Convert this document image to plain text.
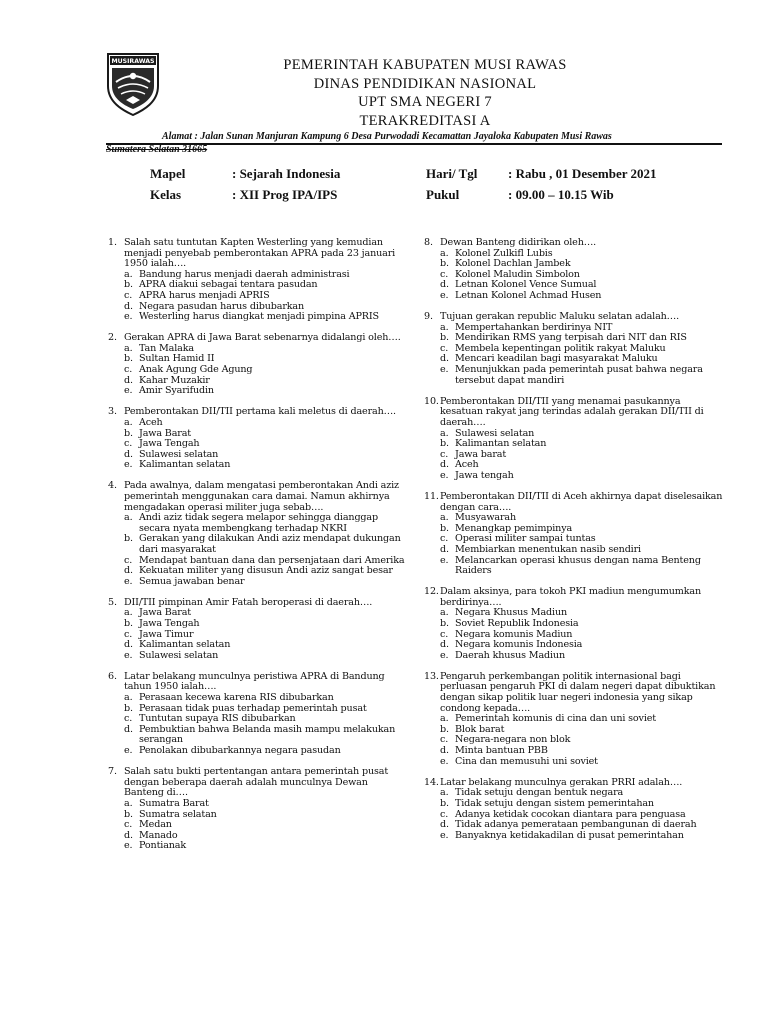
MUSIRAWAS	PEMERINTAH KABUPATEN MUSI RAWAS
DINAS PENDIDIKAN NASIONAL
UPT SMA NEGERI 7
TERAKREDITASI A
Alamat : Jalan Sunan Manjuran Kampung 6 Desa Purwodadi Kecamattan Jayaloka Kabupaten Musi Rawas
Sumatera Selatan 31665
Mapel	: Sejarah Indonesia
Kelas	: XII Prog IPA/IPS
Hari/ Tgl : Rabu , 01 Desember 2021
Pukul	: 09.00 – 10.15 Wib
1. Salah satu tuntutan Kapten Westerling yang kemudian menjadi penyebab pemberontakan APRA pada 23 januari 1950 ialah….
a. Bandung harus menjadi daerah administrasi
b. APRA diakui sebagai tentara pasudan
c. APRA harus menjadi APRIS
d. Negara pasudan harus dibubarkan
e. Westerling harus diangkat menjadi pimpina APRIS
2. Gerakan APRA di Jawa Barat sebenarnya didalangi oleh….
a. Tan Malaka
b. Sultan Hamid II
c. Anak Agung Gde Agung
d. Kahar Muzakir
e. Amir Syarifudin
3. Pemberontakan DII/TII pertama kali meletus di daerah….
a. Aceh
b. Jawa Barat
c. Jawa Tengah
d. Sulawesi selatan
e. Kalimantan selatan
4. Pada awalnya, dalam mengatasi pemberontakan Andi aziz pemerintah menggunakan cara damai. Namun akhirnya mengadakan operasi militer juga sebab….
a. Andi aziz tidak segera melapor sehingga dianggap secara nyata membengkang terhadap NKRI
b. Gerakan yang dilakukan Andi aziz mendapat dukungan dari masyarakat
c. Mendapat bantuan dana dan persenjataan dari Amerika
d. Kekuatan militer yang disusun Andi aziz sangat besar
e. Semua jawaban benar
5. DII/TII pimpinan Amir Fatah beroperasi di daerah….
a. Jawa Barat
b. Jawa Tengah
c. Jawa Timur
d. Kalimantan selatan
e. Sulawesi selatan
6. Latar belakang munculnya peristiwa APRA di Bandung tahun 1950 ialah….
a. Perasaan kecewa karena RIS dibubarkan
b. Perasaan tidak puas terhadap pemerintah pusat
c. Tuntutan supaya RIS dibubarkan
d. Pembuktian bahwa Belanda masih mampu melakukan serangan
e. Penolakan dibubarkannya negara pasudan
7. Salah satu bukti pertentangan antara pemerintah pusat dengan beberapa daerah adalah munculnya Dewan Banteng di….
a. Sumatra Barat
b. Sumatra selatan
c. Medan
d. Manado
e. Pontianak
8. Dewan Banteng didirikan oleh….
a. Kolonel Zulkifl Lubis
b. Kolonel Dachlan Jambek
c. Kolonel Maludin Simbolon
d. Letnan Kolonel Vence Sumual
e. Letnan Kolonel Achmad Husen
9. Tujuan gerakan republic Maluku selatan adalah….
a. Mempertahankan berdirinya NIT
b. Mendirikan RMS yang terpisah dari NIT dan RIS
c. Membela kepentingan politik rakyat Maluku
d. Mencari keadilan bagi masyarakat Maluku
e. Menunjukkan pada pemerintah pusat bahwa negara tersebut dapat mandiri
10. Pemberontakan DII/TII yang menamai pasukannya kesatuan rakyat jang terindas adalah gerakan DII/TII di daerah….
a. Sulawesi selatan
b. Kalimantan selatan
c. Jawa barat
d. Aceh
e. Jawa tengah
11. Pemberontakan DII/TII di Aceh akhirnya dapat diselesaikan dengan cara….
a. Musyawarah
b. Menangkap pemimpinya
c. Operasi militer sampai tuntas
d. Membiarkan menentukan nasib sendiri
e. Melancarkan operasi khusus dengan nama Benteng Raiders
12. Dalam aksinya, para tokoh PKI madiun mengumumkan berdirinya….
a. Negara Khusus Madiun
b. Soviet Republik Indonesia
c. Negara komunis Madiun
d. Negara komunis Indonesia
e. Daerah khusus Madiun
13. Pengaruh perkembangan politik internasional bagi perluasan pengaruh PKI di dalam negeri dapat dibuktikan dengan sikap politik luar negeri indonesia yang sikap condong kepada….
a. Pemerintah komunis di cina dan uni soviet
b. Blok barat
c. Negara-negara non blok
d. Minta bantuan PBB
e. Cina dan memusuhi uni soviet
14. Latar belakang munculnya gerakan PRRI adalah….
a. Tidak setuju dengan bentuk negara
b. Tidak setuju dengan sistem pemerintahan
c. Adanya ketidak cocokan diantara para penguasa
d. Tidak adanya pemerataan pembangunan di daerah
e. Banyaknya ketidakadilan di pusat pemerintahan
